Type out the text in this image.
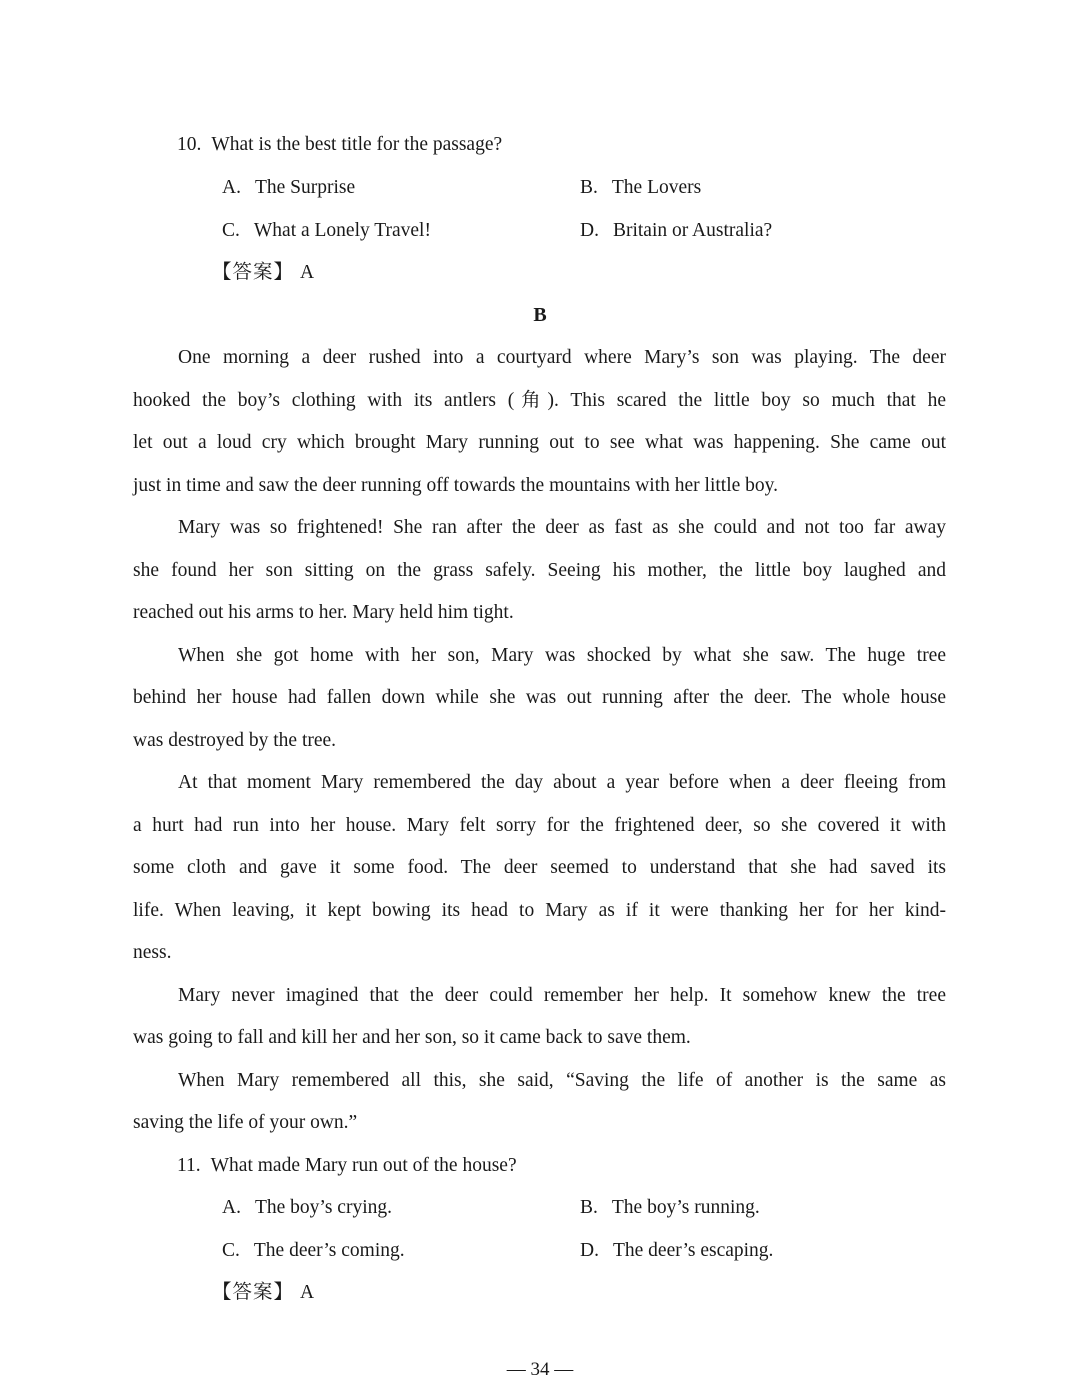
10. What is the best title for the passage?
A. The Surprise	B. The Lovers
C. What a Lonely Travel!	D. Britain or Australia?
【答案】 A
B
One morning a deer rushed into a courtyard where Mary’s son was playing. The deer
hooked the boy’s clothing with its antlers (角). This scared the little boy so much that he
let out a loud cry which brought Mary running out to see what was happening. She came out
just in time and saw the deer running off towards the mountains with her little boy.
Mary was so frightened! She ran after the deer as fast as she could and not too far away
she found her son sitting on the grass safely. Seeing his mother, the little boy laughed and
reached out his arms to her. Mary held him tight.
When she got home with her son, Mary was shocked by what she saw. The huge tree
behind her house had fallen down while she was out running after the deer. The whole house
was destroyed by the tree.
At that moment Mary remembered the day about a year before when a deer fleeing from
a hurt had run into her house. Mary felt sorry for the frightened deer, so she covered it with
some cloth and gave it some food. The deer seemed to understand that she had saved its
life. When leaving, it kept bowing its head to Mary as if it were thanking her for her kind-
ness.
Mary never imagined that the deer could remember her help. It somehow knew the tree
was going to fall and kill her and her son, so it came back to save them.
When Mary remembered all this, she said, “Saving the life of another is the same as
saving the life of your own.”
11. What made Mary run out of the house?
A. The boy’s crying.	B. The boy’s running.
C. The deer’s coming.	D. The deer’s escaping.
【答案】 A
— 34 —
